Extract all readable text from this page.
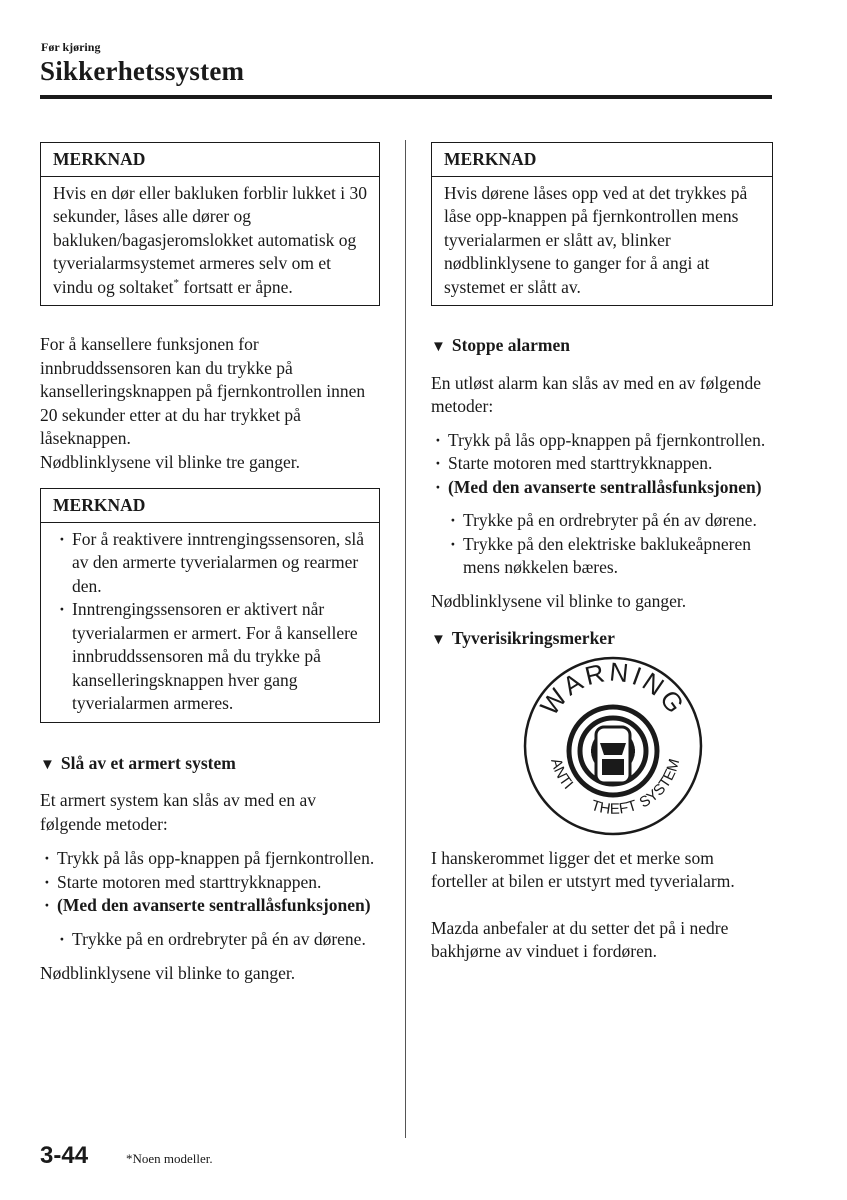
Før kjøring
Sikkerhetssystem
MERKNAD
Hvis en dør eller bakluken forblir lukket i 30 sekunder, låses alle dører og bakluken/bagasjeromslokket automatisk og tyverialarmsystemet armeres selv om et vindu og soltaket* fortsatt er åpne.

For å kansellere funksjonen for innbruddssensoren kan du trykke på kanselleringsknappen på fjernkontrollen innen 20 sekunder etter at du har trykket på låseknappen.

Nødblinklysene vil blinke tre ganger.

MERKNAD
· For å reaktivere inntrengingssensoren, slå av den armerte tyverialarmen og rearmer den.
· Inntrengingssensoren er aktivert når tyverialarmen er armert. For å kansellere innbruddssensoren må du trykke på kanselleringsknappen hver gang tyverialarmen armeres.
▼ Slå av et armert system

Et armert system kan slås av med en av følgende metoder:

· Trykk på lås opp-knappen på fjernkontrollen.
· Starte motoren med starttrykknappen.
· (Med den avanserte sentrallåsfunksjonen)
· Trykke på en ordrebryter på én av dørene.

Nødblinklysene vil blinke to ganger.

MERKNAD
Hvis dørene låses opp ved at det trykkes på låse opp-knappen på fjernkontrollen mens tyverialarmen er slått av, blinker nødblinklysene to ganger for å angi at systemet er slått av.
▼ Stoppe alarmen

En utløst alarm kan slås av med en av følgende metoder:

· Trykk på lås opp-knappen på fjernkontrollen.
· Starte motoren med starttrykknappen.
· (Med den avanserte sentrallåsfunksjonen)
· Trykke på en ordrebryter på én av dørene.
· Trykke på den elektriske baklukeåpneren mens nøkkelen bæres.

Nødblinklysene vil blinke to ganger.

▼ Tyverisikringsmerker
WARNING
ANTI
THEFT
SYSTEM

I hanskerommet ligger det et merke som forteller at bilen er utstyrt med tyverialarm.

Mazda anbefaler at du setter det på i nedre bakhjørne av vinduet i fordøren.

3-44	*Noen modeller.
